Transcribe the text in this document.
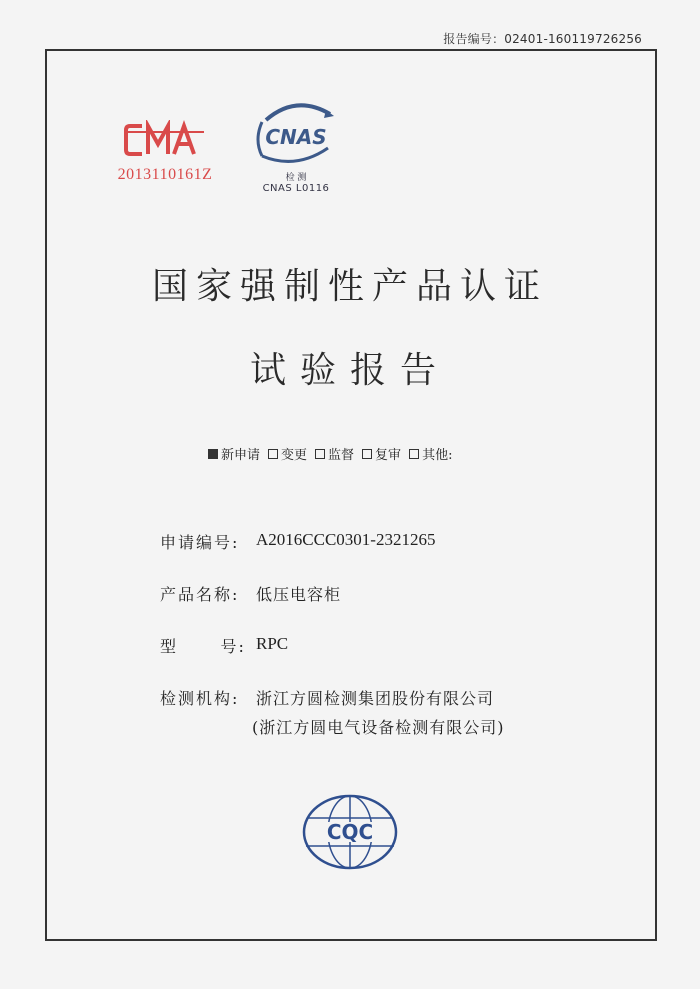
报告编号：02401-160119726256
2013110161Z
CNAS
检 测
CNAS L0116
国家强制性产品认证
试验报告
新申请 变更 监督 复审 其他:
申请编号: A2016CCC0301-2321265
产品名称:	低压电容柜
型      号: RPC
检测机构:	浙江方圆检测集团股份有限公司
(浙江方圆电气设备检测有限公司)
CQC
